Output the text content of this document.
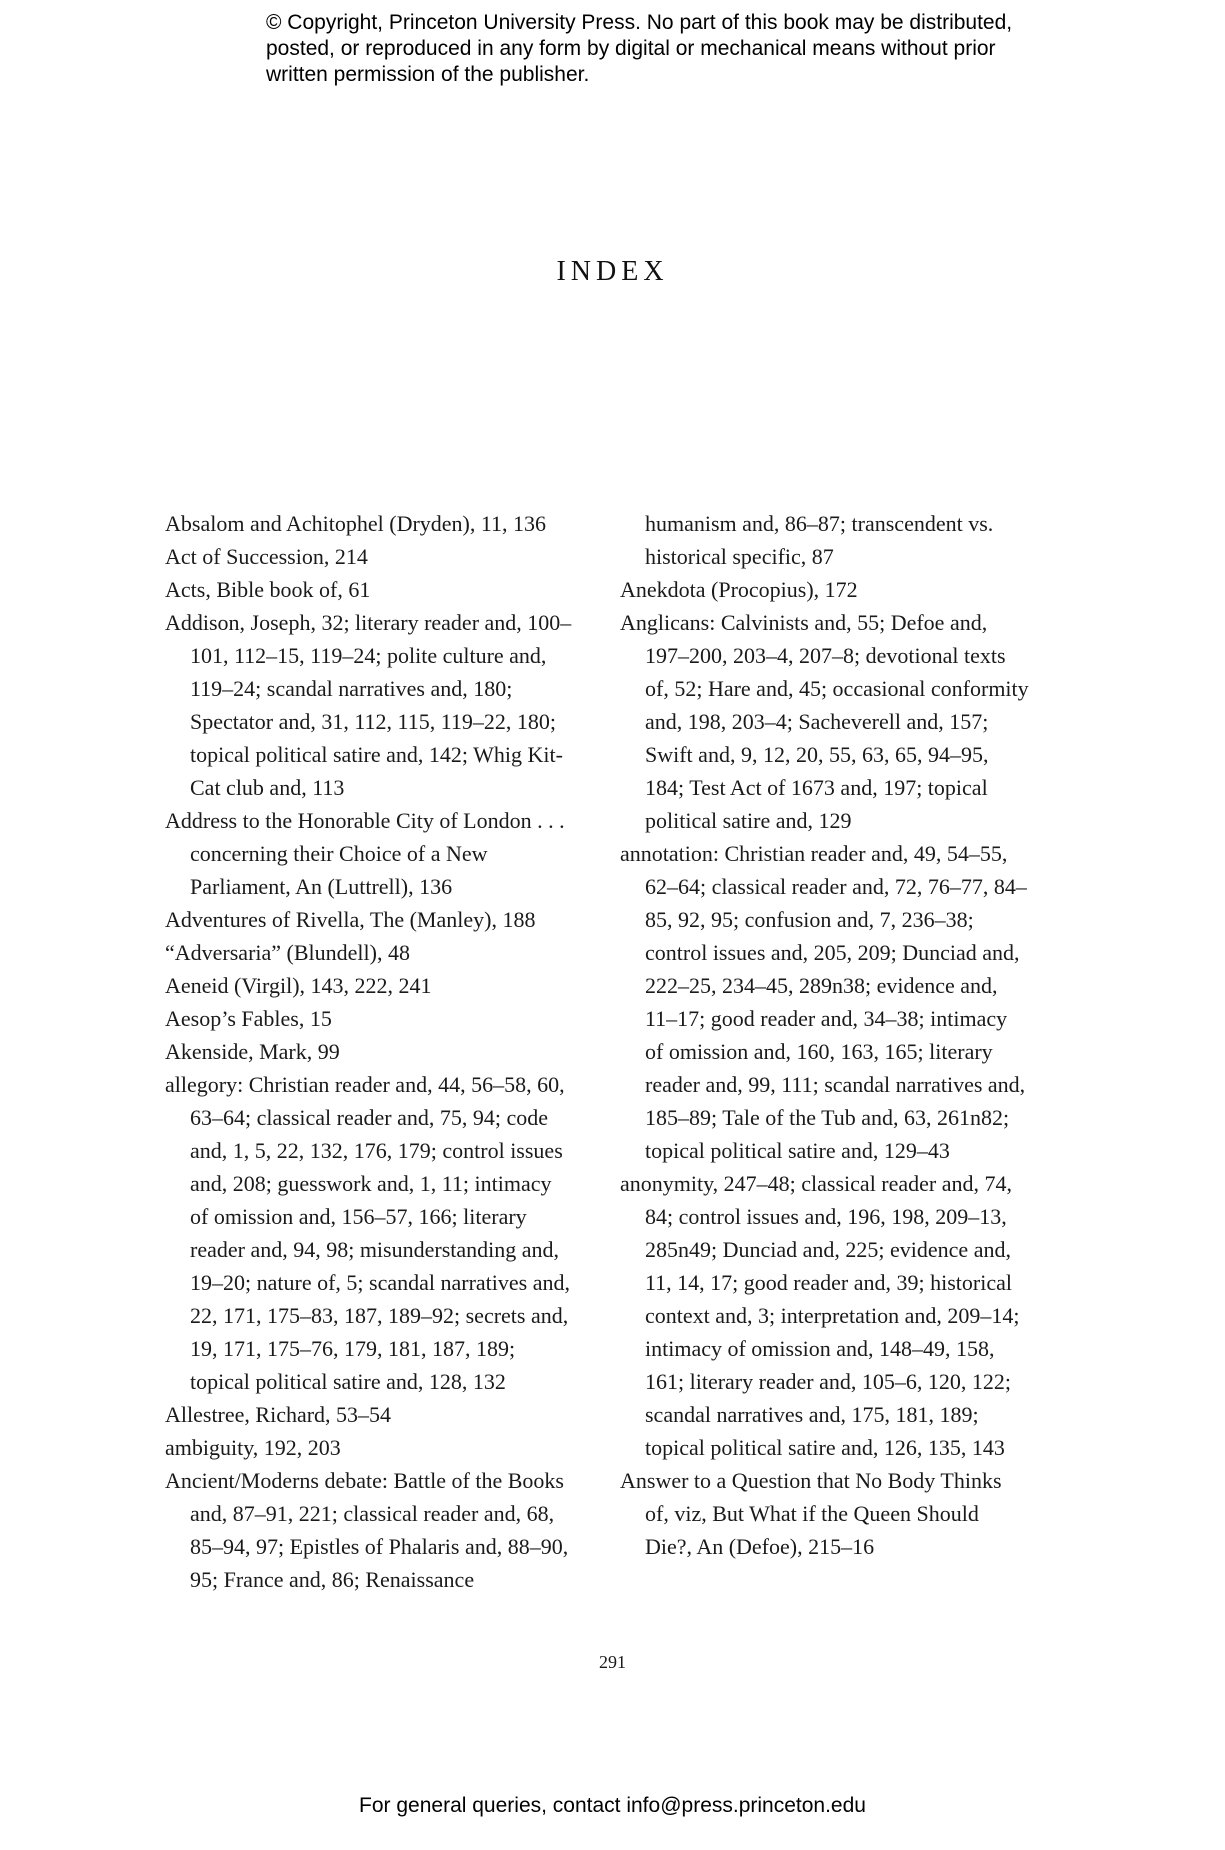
© Copyright, Princeton University Press. No part of this book may be distributed, posted, or reproduced in any form by digital or mechanical means without prior written permission of the publisher.
INDEX

Absalom and Achitophel (Dryden), 11, 136

Act of Succession, 214

Acts, Bible book of, 61

Addison, Joseph, 32; literary reader and, 100–101, 112–15, 119–24; polite culture and, 119–24; scandal narratives and, 180; Spectator and, 31, 112, 115, 119–22, 180; topical political satire and, 142; Whig Kit-Cat club and, 113

Address to the Honorable City of London . . . concerning their Choice of a New Parliament, An (Luttrell), 136

Adventures of Rivella, The (Manley), 188

“Adversaria” (Blundell), 48

Aeneid (Virgil), 143, 222, 241

Aesop’s Fables, 15

Akenside, Mark, 99

allegory: Christian reader and, 44, 56–58, 60, 63–64; classical reader and, 75, 94; code and, 1, 5, 22, 132, 176, 179; control issues and, 208; guesswork and, 1, 11; intimacy of omission and, 156–57, 166; literary reader and, 94, 98; misunderstanding and, 19–20; nature of, 5; scandal narratives and, 22, 171, 175–83, 187, 189–92; secrets and, 19, 171, 175–76, 179, 181, 187, 189; topical political satire and, 128, 132

Allestree, Richard, 53–54

ambiguity, 192, 203

Ancient/Moderns debate: Battle of the Books and, 87–91, 221; classical reader and, 68, 85–94, 97; Epistles of Phalaris and, 88–90, 95; France and, 86; Renaissance

humanism and, 86–87; transcendent vs. historical specific, 87

Anekdota (Procopius), 172

Anglicans: Calvinists and, 55; Defoe and, 197–200, 203–4, 207–8; devotional texts of, 52; Hare and, 45; occasional conformity and, 198, 203–4; Sacheverell and, 157; Swift and, 9, 12, 20, 55, 63, 65, 94–95, 184; Test Act of 1673 and, 197; topical political satire and, 129

annotation: Christian reader and, 49, 54–55, 62–64; classical reader and, 72, 76–77, 84–85, 92, 95; confusion and, 7, 236–38; control issues and, 205, 209; Dunciad and, 222–25, 234–45, 289n38; evidence and, 11–17; good reader and, 34–38; intimacy of omission and, 160, 163, 165; literary reader and, 99, 111; scandal narratives and, 185–89; Tale of the Tub and, 63, 261n82; topical political satire and, 129–43

anonymity, 247–48; classical reader and, 74, 84; control issues and, 196, 198, 209–13, 285n49; Dunciad and, 225; evidence and, 11, 14, 17; good reader and, 39; historical context and, 3; interpretation and, 209–14; intimacy of omission and, 148–49, 158, 161; literary reader and, 105–6, 120, 122; scandal narratives and, 175, 181, 189; topical political satire and, 126, 135, 143

Answer to a Question that No Body Thinks of, viz, But What if the Queen Should Die?, An (Defoe), 215–16

291
For general queries, contact info@press.princeton.edu
